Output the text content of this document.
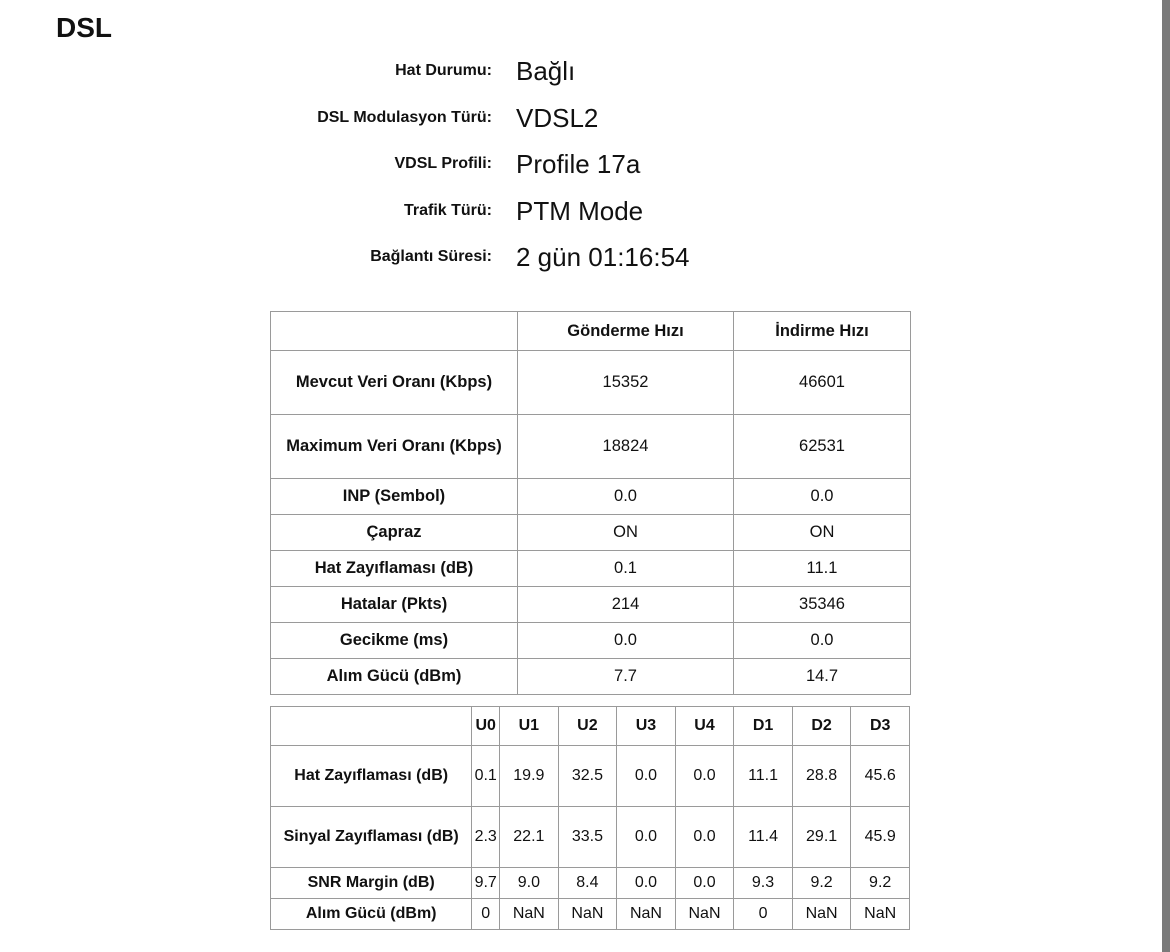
DSL
Hat Durumu: Bağlı
DSL Modulasyon Türü: VDSL2
VDSL Profili: Profile 17a
Trafik Türü: PTM Mode
Bağlantı Süresi: 2 gün 01:16:54
	Gönderme Hızı	İndirme Hızı
Mevcut Veri Oranı (Kbps)	15352	46601
Maximum Veri Oranı (Kbps)	18824	62531
INP (Sembol)	0.0	0.0
Çapraz	ON	ON
Hat Zayıflaması (dB)	0.1	11.1
Hatalar (Pkts)	214	35346
Gecikme (ms)	0.0	0.0
Alım Gücü (dBm)	7.7	14.7
	U0	U1	U2	U3	U4	D1	D2	D3
Hat Zayıflaması (dB)	0.1	19.9	32.5	0.0	0.0	11.1	28.8	45.6
Sinyal Zayıflaması (dB)	2.3	22.1	33.5	0.0	0.0	11.4	29.1	45.9
SNR Margin (dB)	9.7	9.0	8.4	0.0	0.0	9.3	9.2	9.2
Alım Gücü (dBm)	0	NaN	NaN	NaN	NaN	0	NaN	NaN
